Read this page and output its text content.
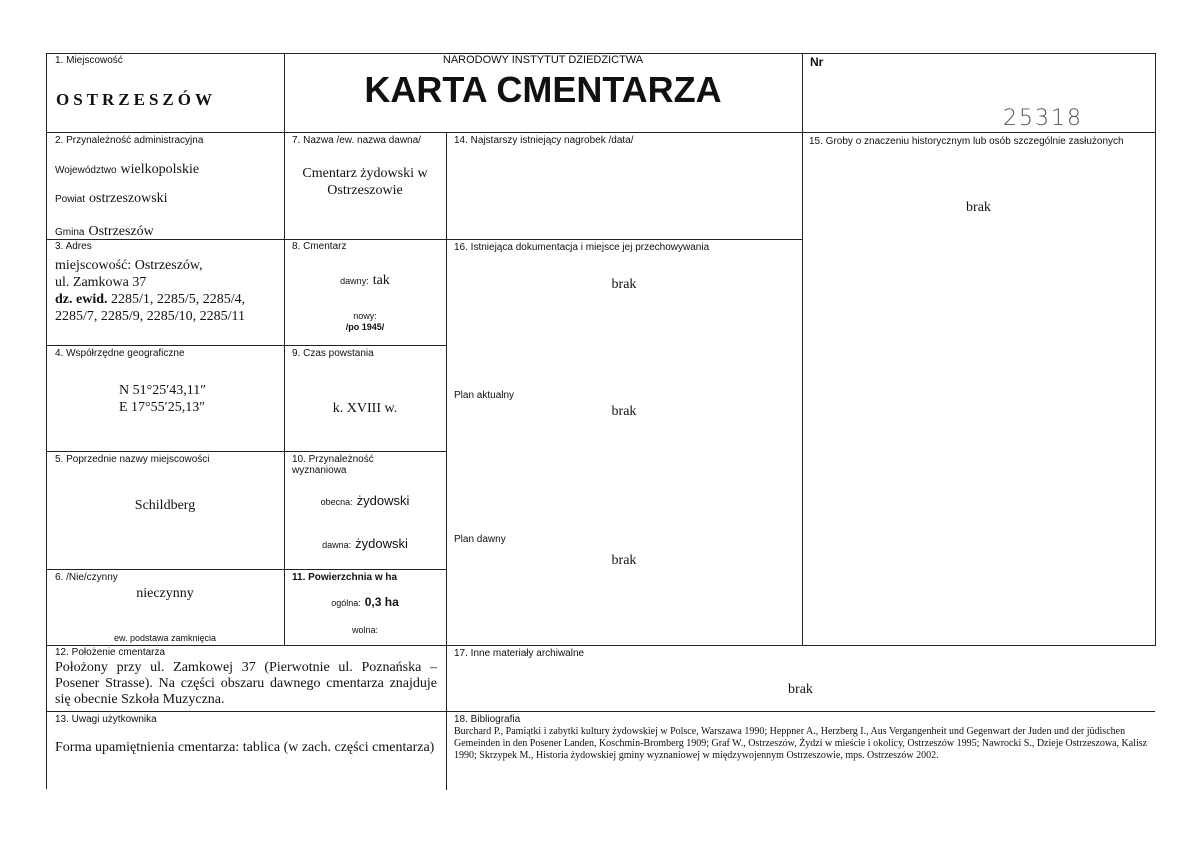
1. Miejscowość
OSTRZESZÓW
NARODOWY INSTYTUT DZIEDZICTWA
KARTA CMENTARZA
Nr
25318
2. Przynależność administracyjna
Województwo wielkopolskie
Powiat ostrzeszowski
Gmina Ostrzeszów
3. Adres
miejscowość: Ostrzeszów,
ul. Zamkowa 37
dz. ewid. 2285/1, 2285/5, 2285/4,
2285/7, 2285/9, 2285/10, 2285/11
4. Współrzędne geograficzne
N 51°25′43,11″
E 17°55′25,13″
5. Poprzednie nazwy miejscowości
Schildberg
6. /Nie/czynny
nieczynny
ew. podstawa zamknięcia
7. Nazwa /ew. nazwa dawna/
Cmentarz żydowski w
Ostrzeszowie
8. Cmentarz
dawny: tak
nowy:
/po 1945/
9. Czas powstania
k. XVIII w.
10. Przynależność
wyznaniowa
obecna: żydowski
dawna: żydowski
11. Powierzchnia w ha
ogólna: 0,3 ha
wolna:
14. Najstarszy istniejący nagrobek /data/
16. Istniejąca dokumentacja i miejsce jej przechowywania
brak
Plan aktualny
brak
Plan dawny
brak
15. Groby o znaczeniu historycznym lub osób szczególnie zasłużonych
brak
12. Położenie cmentarza
Położony przy ul. Zamkowej 37 (Pierwotnie ul. Poznańska – Posener Strasse). Na części obszaru dawnego cmentarza znajduje się obecnie Szkoła Muzyczna.
13. Uwagi użytkownika
Forma upamiętnienia cmentarza: tablica (w zach. części cmentarza)
17. Inne materiały archiwalne
brak
18. Bibliografia
Burchard P., Pamiątki i zabytki kultury żydowskiej w Polsce, Warszawa 1990; Heppner A., Herzberg I., Aus Vergangenheit und Gegenwart der Juden und der jüdischen Gemeinden in den Posener Landen, Koschmin-Bromberg 1909; Graf W., Ostrzeszów, Żydzi w mieście i okolicy, Ostrzeszów 1995; Nawrocki S., Dzieje Ostrzeszowa, Kalisz 1990; Skrzypek M., Historia żydowskiej gminy wyznaniowej w międzywojennym Ostrzeszowie, mps. Ostrzeszów 2002.
